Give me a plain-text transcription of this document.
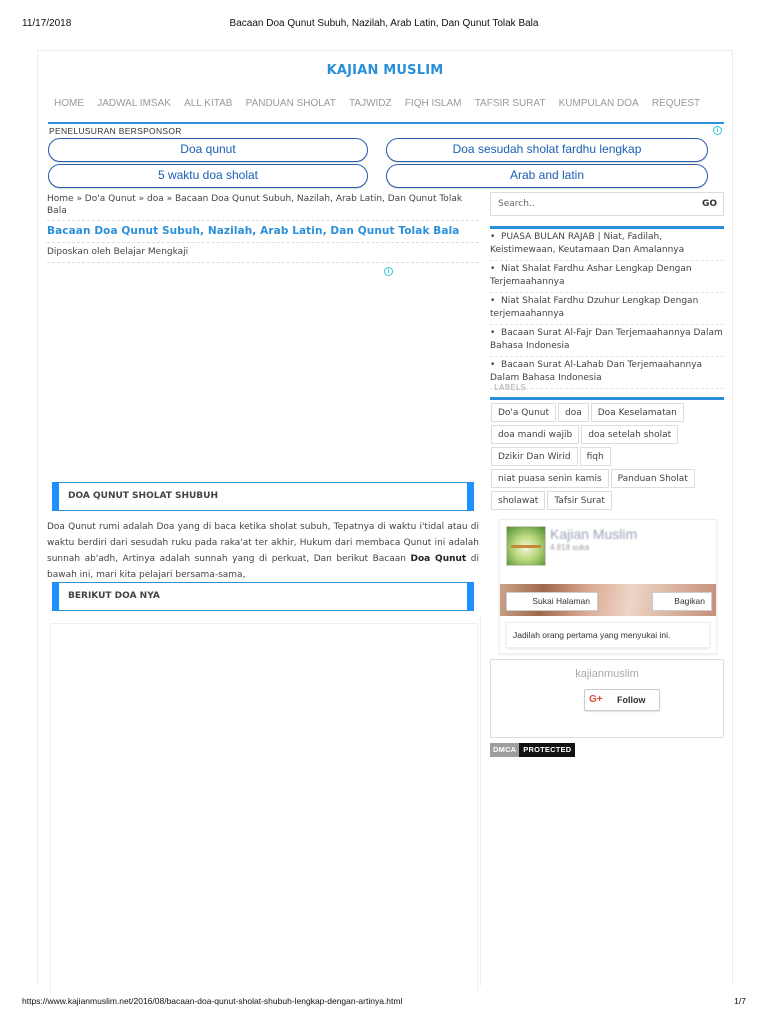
11/17/2018	Bacaan Doa Qunut Subuh, Nazilah, Arab Latin, Dan Qunut Tolak Bala
KAJIAN MUSLIM
HOME JADWAL IMSAK ALL KITAB PANDUAN SHOLAT TAJWIDZ FIQH ISLAM TAFSIR SURAT KUMPULAN DOA REQUEST
PENELUSURAN BERSPONSOR	i
Doa qunut	Doa sesudah sholat fardhu lengkap
5 waktu doa sholat	Arab and latin
Home » Do'a Qunut » doa » Bacaan Doa Qunut Subuh, Nazilah, Arab Latin, Dan Qunut Tolak Bala
Search..	GO
Bacaan Doa Qunut Subuh, Nazilah, Arab Latin, Dan Qunut Tolak Bala
Diposkan oleh Belajar Mengkaji
i
DOA QUNUT SHOLAT SHUBUH

Doa Qunut rumi adalah Doa yang di baca ketika sholat subuh, Tepatnya di waktu i'tidal atau di waktu berdiri dari sesudah ruku pada raka'at ter akhir, Hukum dari membaca Qunut ini adalah sunnah ab'adh, Artinya adalah sunnah yang di perkuat, Dan berikut Bacaan Doa Qunut di bawah ini, mari kita pelajari bersama-sama,

BERIKUT DOA NYA
•  PUASA BULAN RAJAB | Niat, Fadilah, Keistimewaan, Keutamaan Dan Amalannya
•  Niat Shalat Fardhu Ashar Lengkap Dengan Terjemaahannya
•  Niat Shalat Fardhu Dzuhur Lengkap Dengan terjemaahannya
•  Bacaan Surat Al-Fajr Dan Terjemaahannya Dalam Bahasa Indonesia
•  Bacaan Surat Al-Lahab Dan Terjemaahannya Dalam Bahasa Indonesia
LABELS
Do'a Qunut	doa	Doa Keselamatan
doa mandi wajib	doa setelah sholat
Dzikir Dan Wirid	fiqh
niat puasa senin kamis	Panduan Sholat
sholawat	Tafsir Surat
Kajian Muslim
4.818 suka
Sukai Halaman	Bagikan
Jadilah orang pertama yang menyukai ini.
kajianmuslim
G+ Follow
DMCA PROTECTED
https://www.kajianmuslim.net/2016/08/bacaan-doa-qunut-sholat-shubuh-lengkap-dengan-artinya.html	1/7
